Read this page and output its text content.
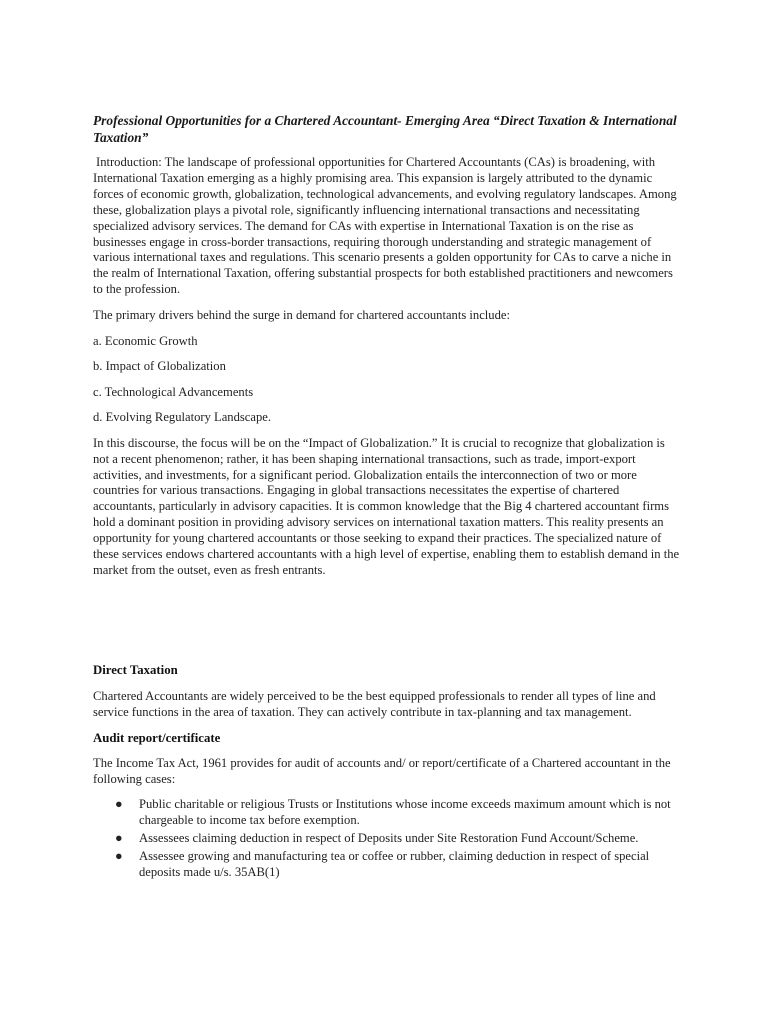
Professional Opportunities for a Chartered Accountant- Emerging Area “Direct Taxation & International Taxation”

Introduction: The landscape of professional opportunities for Chartered Accountants (CAs) is broadening, with International Taxation emerging as a highly promising area. This expansion is largely attributed to the dynamic forces of economic growth, globalization, technological advancements, and evolving regulatory landscapes. Among these, globalization plays a pivotal role, significantly influencing international transactions and necessitating specialized advisory services. The demand for CAs with expertise in International Taxation is on the rise as businesses engage in cross-border transactions, requiring thorough understanding and strategic management of various international taxes and regulations. This scenario presents a golden opportunity for CAs to carve a niche in the realm of International Taxation, offering substantial prospects for both established practitioners and newcomers to the profession.

The primary drivers behind the surge in demand for chartered accountants include:

a. Economic Growth
b. Impact of Globalization
c. Technological Advancements
d. Evolving Regulatory Landscape.

In this discourse, the focus will be on the “Impact of Globalization.” It is crucial to recognize that globalization is not a recent phenomenon; rather, it has been shaping international transactions, such as trade, import-export activities, and investments, for a significant period. Globalization entails the interconnection of two or more countries for various transactions. Engaging in global transactions necessitates the expertise of chartered accountants, particularly in advisory capacities. It is common knowledge that the Big 4 chartered accountant firms hold a dominant position in providing advisory services on international taxation matters. This reality presents an opportunity for young chartered accountants or those seeking to expand their practices. The specialized nature of these services endows chartered accountants with a high level of expertise, enabling them to establish demand in the market from the outset, even as fresh entrants.

Direct Taxation

Chartered Accountants are widely perceived to be the best equipped professionals to render all types of line and service functions in the area of taxation. They can actively contribute in tax-planning and tax management.

Audit report/certificate

The Income Tax Act, 1961 provides for audit of accounts and/ or report/certificate of a Chartered accountant in the following cases:

● Public charitable or religious Trusts or Institutions whose income exceeds maximum amount which is not chargeable to income tax before exemption.
● Assessees claiming deduction in respect of Deposits under Site Restoration Fund Account/Scheme.
● Assessee growing and manufacturing tea or coffee or rubber, claiming deduction in respect of special deposits made u/s. 35AB(1)
